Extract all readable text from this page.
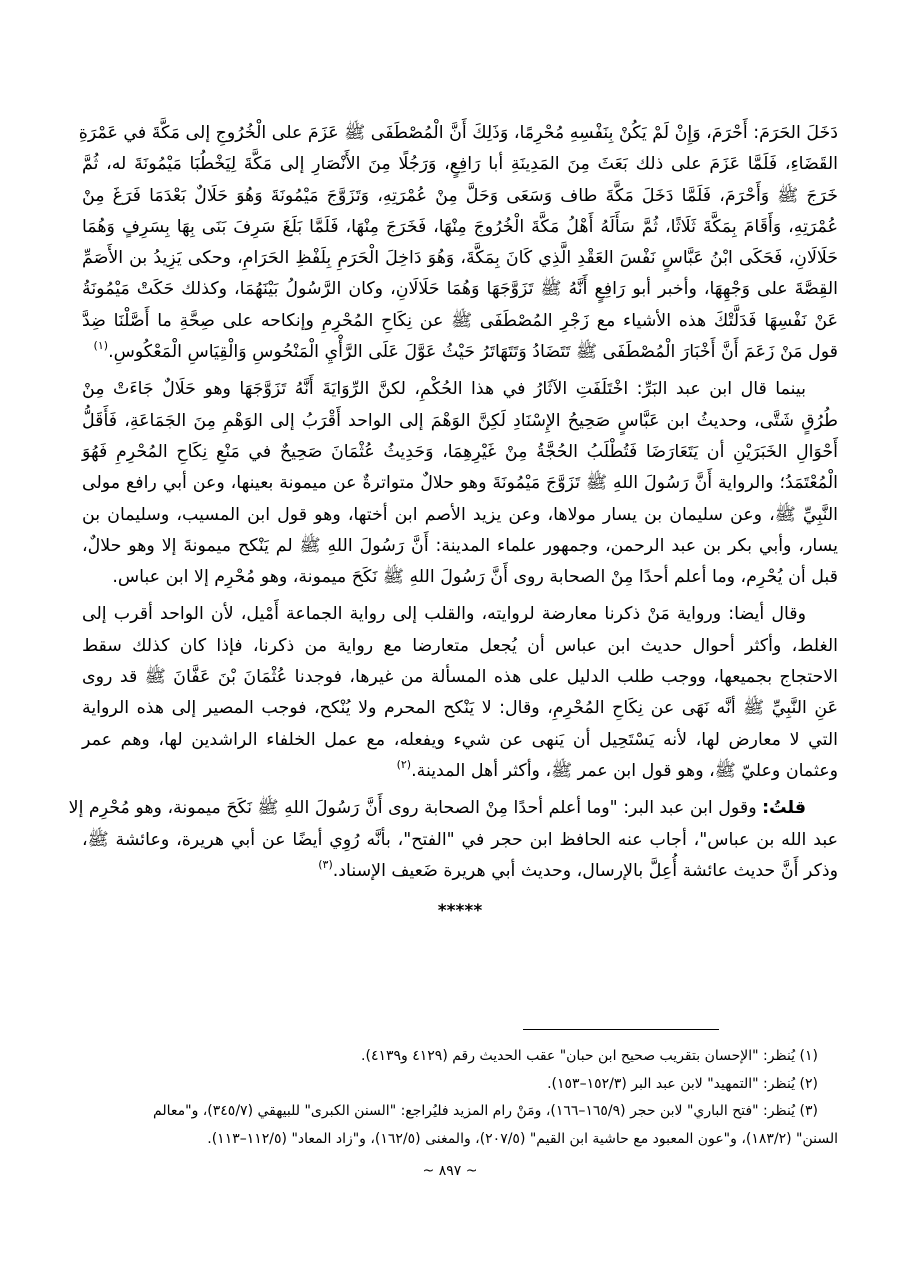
دَخَلَ الحَرَمَ: أَحْرَمَ، وَإِنْ لَمْ يَكُنْ بِنَفْسِهِ مُحْرِمًا، وَذَلِكَ أَنَّ الْمُصْطَفَى ﷺ عَزَمَ على الْخُرُوجِ إلى مَكَّةَ في عَمْرَةِ
القَضَاءِ، فَلَمَّا عَزَمَ على ذلك بَعَثَ مِنَ المَدِينَةِ أبا رَافِعٍ، وَرَجُلًا مِنَ الأَنْصَارِ إلى مَكَّةَ لِيَخْطُبَا مَيْمُونَةَ له، ثُمَّ
خَرَجَ ﷺ وَأَحْرَمَ، فَلَمَّا دَخَلَ مَكَّةَ طاف وَسَعَى وَحَلَّ مِنْ عُمْرَتِهِ، وَتَزَوَّجَ مَيْمُونَةَ وَهُوَ حَلَالٌ بَعْدَمَا فَرَغَ مِنْ
عُمْرَتِهِ، وَأَقَامَ بِمَكَّةَ ثَلَاثًا، ثُمَّ سَأَلَهُ أَهْلُ مَكَّةَ الْخُرُوجَ مِنْهَا، فَخَرَجَ مِنْهَا، فَلَمَّا بَلَغَ سَرِفَ بَنَى بِهَا بِسَرِفٍ وَهُمَا
حَلَالَانِ، فَحَكَى ابْنُ عَبَّاسٍ نَفْسَ العَقْدِ الَّذِي كَانَ بِمَكَّةَ، وَهُوَ دَاخِلَ الْحَرَمِ بِلَفْظِ الحَرَامِ، وحكى يَزِيدُ بن الأَصَمِّ
القِصَّةَ على وَجْهِهَا، وأخبر أبو رَافِعٍ أَنَّهُ ﷺ تَزَوَّجَهَا وَهُمَا حَلَالَانِ، وكان الرَّسُولُ بَيْنَهُمَا، وكذلك حَكَتْ مَيْمُونَةُ
عَنْ نَفْسِهَا فَدَلَّتْكَ هذه الأشياء مع زَجْرِ المُصْطَفَى ﷺ عن نِكَاحِ المُحْرِمِ وإنكاحه على صِحَّةِ ما أَصَّلْنَا ضِدَّ
قول مَنْ زَعَمَ أَنَّ أَخْبَارَ الْمُصْطَفَى ﷺ تَتَضَادُ وَتَتَهَاتَرُ حَيْثُ عَوَّلَ عَلَى الرَّأْيِ الْمَنْحُوسِ وَالْقِيَاسِ الْمَعْكُوسِ.$^{(١)}$

بينما قال ابن عبد البَرِّ: اخْتَلَفَتِ الآثَارُ في هذا الحُكْمِ، لكنَّ الرِّوَايَةَ أَنَّهُ تَزَوَّجَهَا وهو حَلَالٌ جَاءَتْ مِنْ
طُرُقٍ شَتَّى، وحديثُ ابن عَبَّاسٍ صَحِيحُ الإِسْنَادِ لَكِنَّ الوَهْمَ إلى الواحد أَقْرَبُ إلى الوَهْمِ مِنَ الجَمَاعَةِ، فَأَقَلُّ
أَحْوَالِ الخَبَرَيْنِ أن يَتَعَارَضَا فَتُطْلَبُ الحُجَّةُ مِنْ غَيْرِهِمَا، وَحَدِيثُ عُثْمَانَ صَحِيحٌ في مَنْعِ نِكَاحِ المُحْرِمِ فَهُوَ
الْمُعْتَمَدُ؛ والرواية أَنَّ رَسُولَ اللهِ ﷺ تَزَوَّجَ مَيْمُونَةَ وهو حلالٌ متواترةٌ عن ميمونة بعينها، وعن أبي رافع مولى
النَّبِيِّ ﷺ، وعن سليمان بن يسار مولاها، وعن يزيد الأصم ابن أختها، وهو قول ابن المسيب، وسليمان بن
يسار، وأبي بكر بن عبد الرحمن، وجمهور علماء المدينة: أَنَّ رَسُولَ اللهِ ﷺ لم يَنْكح ميمونةَ إلا وهو حلالٌ،
قبل أن يُحْرِم، وما أعلم أحدًا مِنْ الصحابة روى أَنَّ رَسُولَ اللهِ ﷺ نَكَحَ ميمونة، وهو مُحْرِم إلا ابن عباس.

وقال أيضا: ورواية مَنْ ذكرنا معارضة لروايته، والقلب إلى رواية الجماعة أَمْيل، لأن الواحد أقرب إلى
الغلط، وأكثر أحوال حديث ابن عباس أن يُجعل متعارضا مع رواية من ذكرنا، فإذا كان كذلك سقط
الاحتجاج بجميعها، ووجب طلب الدليل على هذه المسألة من غيرها، فوجدنا عُثْمَانَ بْنَ عَفَّانَ ﷺ قد روى
عَنِ النَّبِيِّ ﷺ أنَّه نَهَى عن نِكَاحِ المُحْرِمِ، وقال: لا يَنْكح المحرم ولا يُنْكح، فوجب المصير إلى هذه الرواية
التي لا معارض لها، لأنه يَسْتَحِيل أن يَنهى عن شيء ويفعله، مع عمل الخلفاء الراشدين لها، وهم عمر
وعثمان وعليّ ﷺ، وهو قول ابن عمر ﷺ، وأكثر أهل المدينة.$^{(٢)}$

قلتُ: وقول ابن عبد البر: "وما أعلم أحدًا مِنْ الصحابة روى أَنَّ رَسُولَ اللهِ ﷺ نَكَحَ ميمونة، وهو مُحْرِم إلا
عبد الله بن عباس"، أجاب عنه الحافظ ابن حجر في "الفتح"، بأنَّه رُوِي أيضًا عن أبي هريرة، وعائشة ﷺ،
وذكر أَنَّ حديث عائشة أُعِلَّ بالإرسال، وحديث أبي هريرة ضَعيف الإسناد.$^{(٣)}$

*****
(١) يُنظر: "الإحسان بتقريب صحيح ابن حبان" عقب الحديث رقم (٤١٢٩ و٤١٣٩).
(٢) يُنظر: "التمهيد" لابن عبد البر (١٥٢/٣–١٥٣).
(٣) يُنظر: "فتح الباري" لابن حجر (١٦٥/٩–١٦٦)، ومَنْ رام المزيد فليُراجع: "السنن الكبرى" للبيهقي (٣٤٥/٧)، و"معالم
السنن" (١٨٣/٢)، و"عون المعبود مع حاشية ابن القيم" (٢٠٧/٥)، والمغنى (١٦٢/٥)، و"زاد المعاد" (١١٢/٥–١١٣).
~ ٨٩٧ ~
